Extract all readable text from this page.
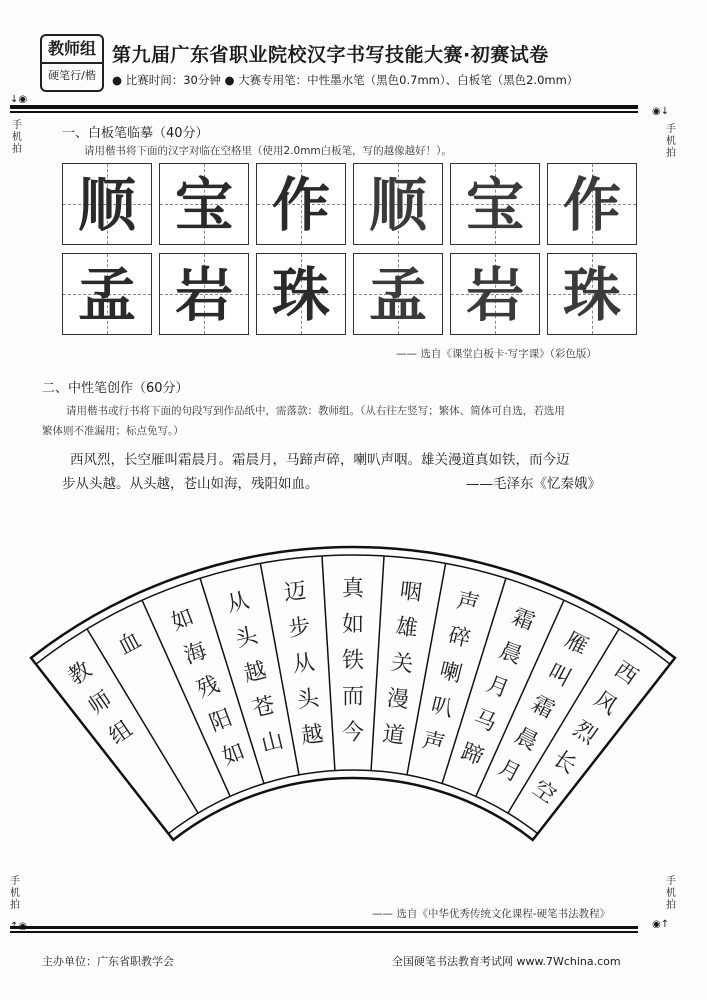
教师组
硬笔行/楷
第九届广东省职业院校汉字书写技能大赛·初赛试卷
● 比赛时间：30分钟 ● 大赛专用笔：中性墨水笔（黑色0.7mm）、白板笔（黑色2.0mm）
↓◉
◉↓
手机拍
手机拍
手机拍
手机拍
一、白板笔临摹（40分）
请用楷书将下面的汉字对临在空格里（使用2.0mm白板笔，写的越像越好！）。
顺 宝 作 顺 宝 作
孟 岩 珠 孟 岩 珠
—— 选自《课堂白板卡·写字课》（彩色版）
二、中性笔创作（60分）
请用楷书或行书将下面的句段写到作品纸中，需落款：教师组。（从右往左竖写；繁体、简体可自选，若选用
繁体则不准漏用；标点免写。）
西风烈，长空雁叫霜晨月。霜晨月，马蹄声碎，喇叭声咽。雄关漫道真如铁，而今迈
步从头越。从头越，苍山如海，残阳如血。	——毛泽东《忆秦娥》
西
风
烈
长
空
雁
叫
霜
晨
月
霜
晨
月
马
蹄
声
碎
喇
叭
声
咽
雄
关
漫
道
真
如
铁
而
今
迈
步
从
头
越
从
头
越
苍
山
如
海
残
阳
如
血
教
师
组
—— 选自《中华优秀传统文化课程-硬笔书法教程》
◉↑
主办单位：广东省职教学会	全国硬笔书法教育考试网 www.7Wchina.com
